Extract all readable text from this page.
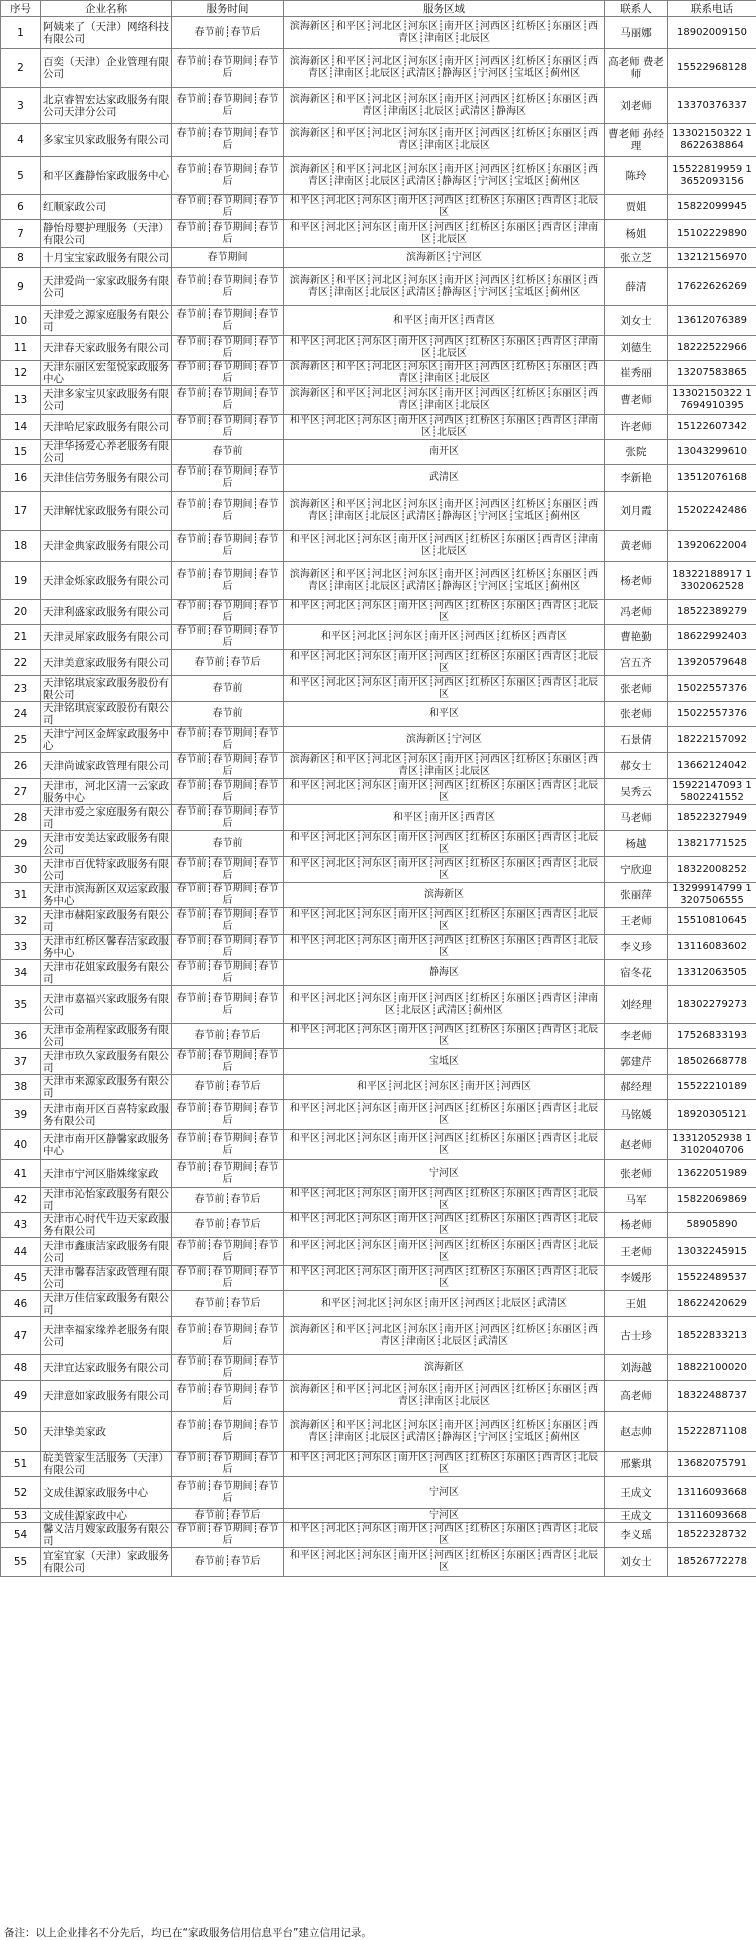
序号	企业名称	服务时间	服务区域	联系人	联系电话
1	阿姨来了（天津）网络科技有限公司	春节前┊春节后	滨海新区┊和平区┊河北区┊河东区┊南开区┊河西区┊红桥区┊东丽区┊西青区┊津南区┊北辰区	马丽娜	18902009150
2	百奕（天津）企业管理有限公司	春节前┊春节期间┊春节后	滨海新区┊和平区┊河北区┊河东区┊南开区┊河西区┊红桥区┊东丽区┊西青区┊津南区┊北辰区┊武清区┊静海区┊宁河区┊宝坻区┊蓟州区	高老师 费老师	15522968128
3	北京睿智宏达家政服务有限公司天津分公司	春节前┊春节期间┊春节后	滨海新区┊和平区┊河北区┊河东区┊南开区┊河西区┊红桥区┊东丽区┊西青区┊津南区┊北辰区┊武清区┊静海区	刘老师	13370376337
4	多家宝贝家政服务有限公司	春节前┊春节期间┊春节后	滨海新区┊和平区┊河北区┊河东区┊南开区┊河西区┊红桥区┊东丽区┊西青区┊津南区┊北辰区	曹老师 孙经理	13302150322 18622638864
5	和平区鑫静怡家政服务中心	春节前┊春节期间┊春节后	滨海新区┊和平区┊河北区┊河东区┊南开区┊河西区┊红桥区┊东丽区┊西青区┊津南区┊北辰区┊武清区┊静海区┊宁河区┊宝坻区┊蓟州区	陈玲	15522819959 13652093156
6	红顺家政公司	春节前┊春节期间┊春节后	和平区┊河北区┊河东区┊南开区┊河西区┊红桥区┊东丽区┊西青区┊北辰区	贾姐	15822099945
7	静怡母婴护理服务（天津）有限公司	春节前┊春节期间┊春节后	和平区┊河北区┊河东区┊南开区┊河西区┊红桥区┊东丽区┊西青区┊津南区┊北辰区	杨姐	15102229890
8	十月宝宝家政服务有限公司	春节期间	滨海新区┊宁河区	张立芝	13212156970
9	天津爱尚一家家政服务有限公司	春节前┊春节期间┊春节后	滨海新区┊和平区┊河北区┊河东区┊南开区┊河西区┊红桥区┊东丽区┊西青区┊津南区┊北辰区┊武清区┊静海区┊宁河区┊宝坻区┊蓟州区	薛清	17622626269
10	天津爱之源家庭服务有限公司	春节前┊春节期间┊春节后	和平区┊南开区┊西青区	刘女士	13612076389
11	天津春天家政服务有限公司	春节前┊春节期间┊春节后	和平区┊河北区┊河东区┊南开区┊河西区┊红桥区┊东丽区┊西青区┊津南区┊北辰区	刘德生	18222522966
12	天津东丽区宏玺悦家政服务中心	春节前┊春节期间┊春节后	滨海新区┊和平区┊河北区┊河东区┊南开区┊河西区┊红桥区┊东丽区┊西青区┊津南区┊北辰区	崔秀丽	13207583865
13	天津多家宝贝家政服务有限公司	春节前┊春节期间┊春节后	滨海新区┊和平区┊河北区┊河东区┊南开区┊河西区┊红桥区┊东丽区┊西青区┊津南区┊北辰区	曹老师	13302150322 17694910395
14	天津哈尼家政服务有限公司	春节前┊春节期间┊春节后	和平区┊河北区┊河东区┊南开区┊河西区┊红桥区┊东丽区┊西青区┊津南区┊北辰区	许老师	15122607342
15	天津华扬爱心养老服务有限公司	春节前	南开区	张院	13043299610
16	天津佳信劳务服务有限公司	春节前┊春节期间┊春节后	武清区	李新艳	13512076168
17	天津解忧家政服务有限公司	春节前┊春节期间┊春节后	滨海新区┊和平区┊河北区┊河东区┊南开区┊河西区┊红桥区┊东丽区┊西青区┊津南区┊北辰区┊武清区┊静海区┊宁河区┊宝坻区┊蓟州区	刘月霞	15202242486
18	天津金典家政服务有限公司	春节前┊春节期间┊春节后	和平区┊河北区┊河东区┊南开区┊河西区┊红桥区┊东丽区┊西青区┊津南区┊北辰区	黄老师	13920622004
19	天津金烁家政服务有限公司	春节前┊春节期间┊春节后	滨海新区┊和平区┊河北区┊河东区┊南开区┊河西区┊红桥区┊东丽区┊西青区┊津南区┊北辰区┊武清区┊静海区┊宁河区┊宝坻区┊蓟州区	杨老师	18322188917 13302062528
20	天津利盛家政服务有限公司	春节前┊春节期间┊春节后	和平区┊河北区┊河东区┊南开区┊河西区┊红桥区┊东丽区┊西青区┊北辰区	冯老师	18522389279
21	天津灵犀家政服务有限公司	春节前┊春节期间┊春节后	和平区┊河北区┊河东区┊南开区┊河西区┊红桥区┊西青区	曹艳勤	18622992403
22	天津美意家政服务有限公司	春节前┊春节后	和平区┊河北区┊河东区┊南开区┊河西区┊红桥区┊东丽区┊西青区┊北辰区	宫五齐	13920579648
23	天津铭琪宸家政服务股份有限公司	春节前	和平区┊河北区┊河东区┊南开区┊河西区┊红桥区┊东丽区┊西青区┊北辰区	张老师	15022557376
24	天津铭琪宸家政股份有限公司	春节前	和平区	张老师	15022557376
25	天津宁河区金辉家政服务中心	春节前┊春节期间┊春节后	滨海新区┊宁河区	石景倩	18222157092
26	天津尚诚家政管理有限公司	春节前┊春节期间┊春节后	滨海新区┊和平区┊河北区┊河东区┊南开区┊河西区┊红桥区┊东丽区┊西青区┊津南区┊北辰区	郝女士	13662124042
27	天津市，河北区清一云家政服务中心	春节前┊春节期间┊春节后	和平区┊河北区┊河东区┊南开区┊河西区┊红桥区┊东丽区┊西青区┊北辰区	吴秀云	15922147093 15802241552
28	天津市爱之家庭服务有限公司	春节前┊春节期间┊春节后	和平区┊南开区┊西青区	马老师	18522327949
29	天津市安美达家政服务有限公司	春节前	和平区┊河北区┊河东区┊南开区┊河西区┊红桥区┊东丽区┊西青区┊北辰区	杨越	13821771525
30	天津市百优特家政服务有限公司	春节前┊春节期间┊春节后	和平区┊河北区┊河东区┊南开区┊河西区┊红桥区┊东丽区┊西青区┊北辰区	宁欣迎	18322008252
31	天津市滨海新区双运家政服务中心	春节前┊春节期间┊春节后	滨海新区	张丽萍	13299914799 13207506555
32	天津市赫阳家政服务有限公司	春节前┊春节期间┊春节后	和平区┊河北区┊河东区┊南开区┊河西区┊红桥区┊东丽区┊西青区┊北辰区	王老师	15510810645
33	天津市红桥区馨春洁家政服务中心	春节前┊春节期间┊春节后	和平区┊河北区┊河东区┊南开区┊河西区┊红桥区┊东丽区┊西青区┊北辰区	李义珍	13116083602
34	天津市花姐家政服务有限公司	春节前┊春节期间┊春节后	静海区	宿冬花	13312063505
35	天津市嘉福兴家政服务有限公司	春节前┊春节期间┊春节后	和平区┊河北区┊河东区┊南开区┊河西区┊红桥区┊东丽区┊西青区┊津南区┊北辰区┊武清区┊蓟州区	刘经理	18302279273
36	天津市金荊程家政服务有限公司	春节前┊春节后	和平区┊河北区┊河东区┊南开区┊河西区┊红桥区┊东丽区┊西青区┊北辰区	李老师	17526833193
37	天津市玖久家政服务有限公司	春节前┊春节期间┊春节后	宝坻区	郭建芹	18502668778
38	天津市来源家政服务有限公司	春节前┊春节后	和平区┊河北区┊河东区┊南开区┊河西区	郝经理	15522210189
39	天津市南开区百喜特家政服务有限公司	春节前┊春节期间┊春节后	和平区┊河北区┊河东区┊南开区┊河西区┊红桥区┊东丽区┊西青区┊北辰区	马铭媛	18920305121
40	天津市南开区静馨家政服务中心	春节前┊春节期间┊春节后	和平区┊河北区┊河东区┊南开区┊河西区┊红桥区┊东丽区┊西青区┊北辰区	赵老师	13312052938 13102040706
41	天津市宁河区脂姝缘家政	春节前┊春节期间┊春节后	宁河区	张老师	13622051989
42	天津市沁怡家政服务有限公司	春节前┊春节后	和平区┊河北区┊河东区┊南开区┊河西区┊红桥区┊东丽区┊西青区┊北辰区	马军	15822069869
43	天津市心时代牛边天家政服务有限公司	春节前┊春节后	和平区┊河北区┊河东区┊南开区┊河西区┊红桥区┊东丽区┊西青区┊北辰区	杨老师	58905890
44	天津市鑫康洁家政服务有限公司	春节前┊春节期间┊春节后	和平区┊河北区┊河东区┊南开区┊河西区┊红桥区┊东丽区┊西青区┊北辰区	王老师	13032245915
45	天津市馨春洁家政管理有限公司	春节前┊春节期间┊春节后	和平区┊河北区┊河东区┊南开区┊河西区┊红桥区┊东丽区┊西青区┊北辰区	李媛彤	15522489537
46	天津万佳信家政服务有限公司	春节前┊春节后	和平区┊河北区┊河东区┊南开区┊河西区┊北辰区┊武清区	王姐	18622420629
47	天津幸福家缘养老服务有限公司	春节前┊春节期间┊春节后	滨海新区┊和平区┊河北区┊河东区┊南开区┊河西区┊红桥区┊东丽区┊西青区┊津南区┊北辰区┊武清区	古士珍	18522833213
48	天津宜达家政服务有限公司	春节前┊春节期间┊春节后	滨海新区	刘海越	18822100020
49	天津意如家政服务有限公司	春节前┊春节期间┊春节后	滨海新区┊和平区┊河北区┊河东区┊南开区┊河西区┊红桥区┊东丽区┊西青区┊津南区┊北辰区	高老师	18322488737
50	天津挚美家政	春节前┊春节期间┊春节后	滨海新区┊和平区┊河北区┊河东区┊南开区┊河西区┊红桥区┊东丽区┊西青区┊津南区┊北辰区┊武清区┊静海区┊宁河区┊宝坻区┊蓟州区	赵志帅	15222871108
51	皖美管家生活服务（天津）有限公司	春节前┊春节期间┊春节后	和平区┊河北区┊河东区┊南开区┊河西区┊红桥区┊东丽区┊西青区┊北辰区	邢紫琪	13682075791
52	文成佳源家政服务中心	春节前┊春节期间┊春节后	宁河区	王成文	13116093668
53	文成佳源家政中心	春节前┊春节后	宁河区	王成文	13116093668
54	馨义洁月嫂家政服务有限公司	春节前┊春节期间┊春节后	和平区┊河北区┊河东区┊南开区┊河西区┊红桥区┊东丽区┊西青区┊北辰区	李义瑶	18522328732
55	宜室宜家（天津）家政服务有限公司	春节前┊春节后	和平区┊河北区┊河东区┊南开区┊河西区┊红桥区┊东丽区┊西青区┊北辰区	刘女士	18526772278
备注：以上企业排名不分先后，均已在“家政服务信用信息平台”建立信用记录。
